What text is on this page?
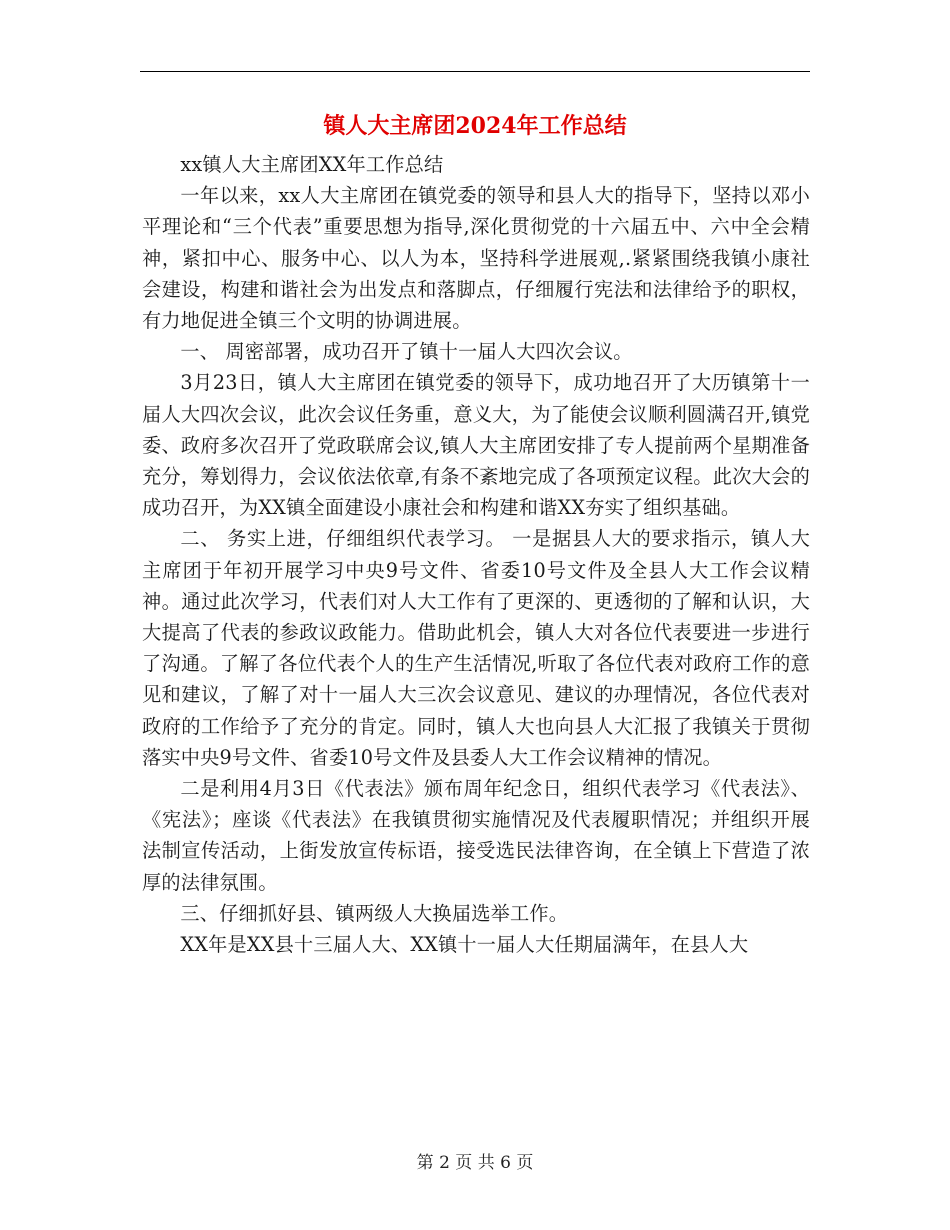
镇人大主席团2024年工作总结

xx镇人大主席团XX年工作总结

一年以来，xx人大主席团在镇党委的领导和县人大的指导下，坚持以邓小平理论和“三个代表”重要思想为指导,深化贯彻党的十六届五中、六中全会精神，紧扣中心、服务中心、以人为本，坚持科学进展观,.紧紧围绕我镇小康社会建设，构建和谐社会为出发点和落脚点，仔细履行宪法和法律给予的职权，有力地促进全镇三个文明的协调进展。

一、 周密部署，成功召开了镇十一届人大四次会议。

3月23日，镇人大主席团在镇党委的领导下，成功地召开了大历镇第十一届人大四次会议，此次会议任务重，意义大，为了能使会议顺利圆满召开,镇党委、政府多次召开了党政联席会议,镇人大主席团安排了专人提前两个星期准备充分，筹划得力，会议依法依章,有条不紊地完成了各项预定议程。此次大会的成功召开，为XX镇全面建设小康社会和构建和谐XX夯实了组织基础。

二、 务实上进，仔细组织代表学习。 一是据县人大的要求指示，镇人大主席团于年初开展学习中央9号文件、省委10号文件及全县人大工作会议精神。通过此次学习，代表们对人大工作有了更深的、更透彻的了解和认识，大大提高了代表的参政议政能力。借助此机会，镇人大对各位代表要进一步进行了沟通。了解了各位代表个人的生产生活情况,听取了各位代表对政府工作的意见和建议，了解了对十一届人大三次会议意见、建议的办理情况，各位代表对政府的工作给予了充分的肯定。同时，镇人大也向县人大汇报了我镇关于贯彻落实中央9号文件、省委10号文件及县委人大工作会议精神的情况。

二是利用4月3日《代表法》颁布周年纪念日，组织代表学习《代表法》、《宪法》；座谈《代表法》在我镇贯彻实施情况及代表履职情况；并组织开展法制宣传活动，上街发放宣传标语，接受选民法律咨询，在全镇上下营造了浓厚的法律氛围。

三、仔细抓好县、镇两级人大换届选举工作。

XX年是XX县十三届人大、XX镇十一届人大任期届满年，在县人大

第 2 页 共 6 页
